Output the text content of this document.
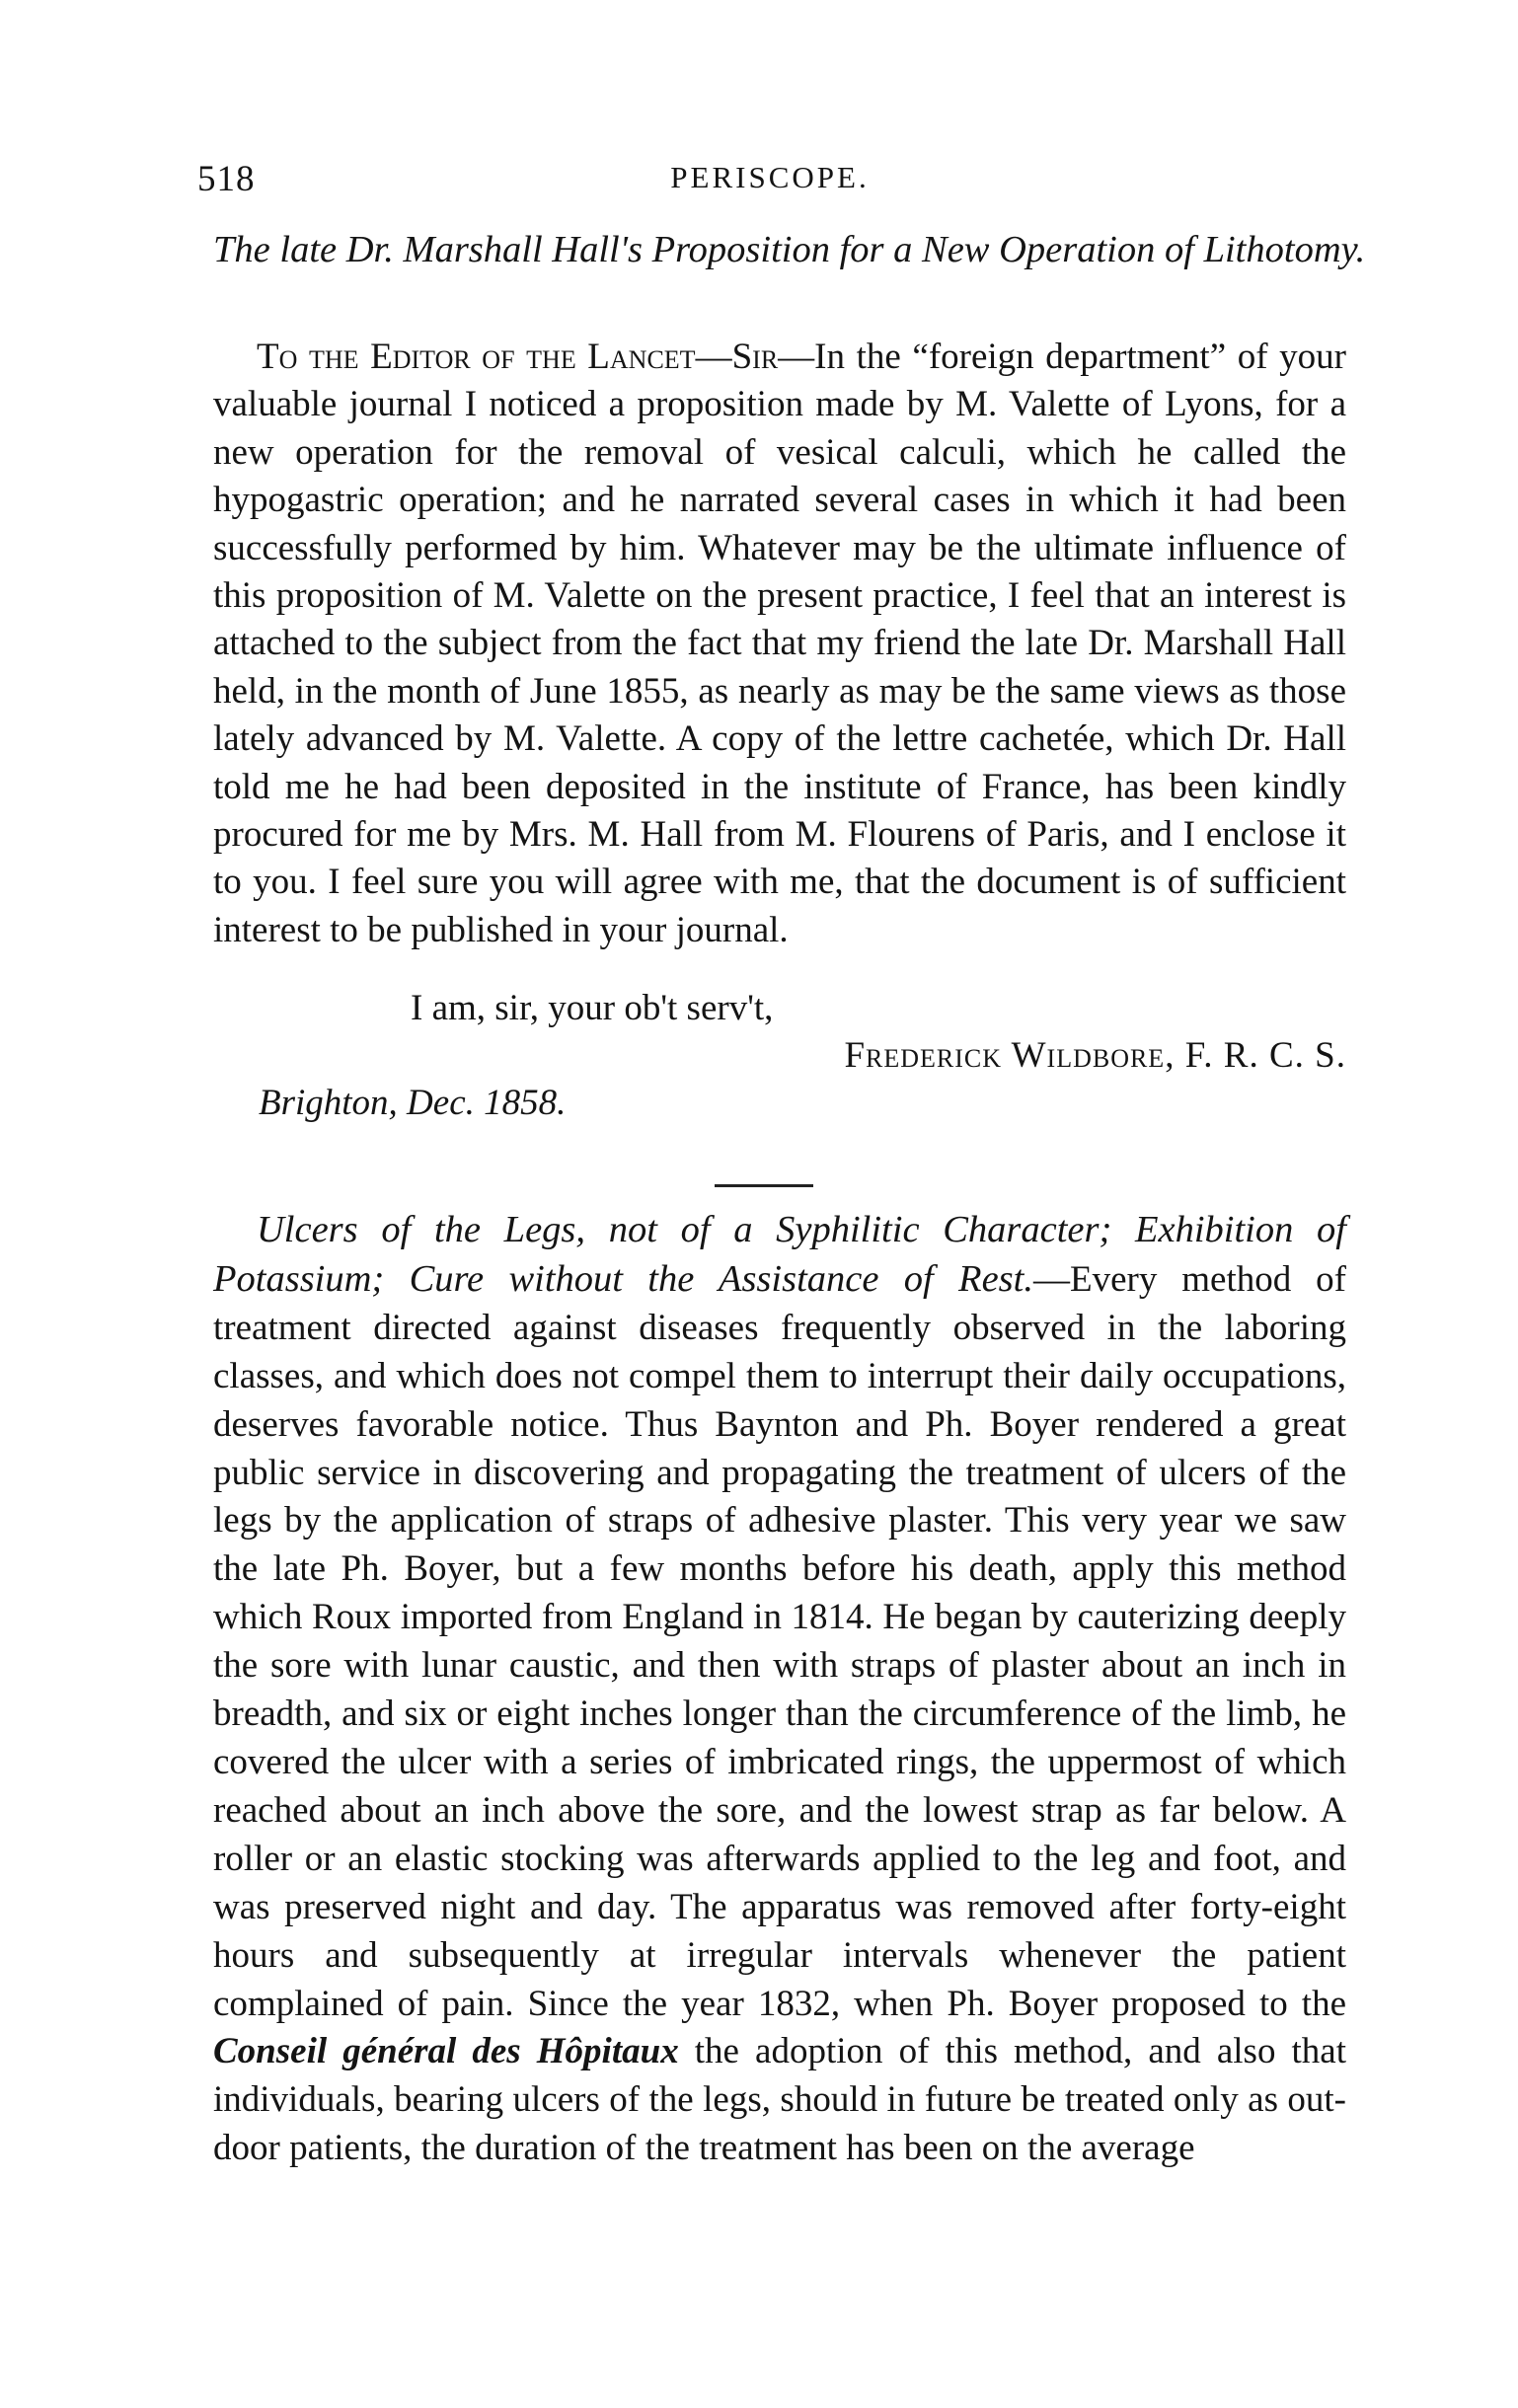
518	PERISCOPE.
The late Dr. Marshall Hall's Proposition for a New Operation of Lithotomy.

To the Editor of the Lancet—Sir—In the “foreign department” of your valuable journal I noticed a proposition made by M. Valette of Lyons, for a new operation for the removal of vesical calculi, which he called the hypogastric operation; and he narrated several cases in which it had been successfully performed by him. Whatever may be the ultimate influence of this proposition of M. Valette on the present practice, I feel that an interest is attached to the subject from the fact that my friend the late Dr. Marshall Hall held, in the month of June 1855, as nearly as may be the same views as those lately advanced by M. Valette. A copy of the lettre cachetée, which Dr. Hall told me he had been deposited in the institute of France, has been kindly procured for me by Mrs. M. Hall from M. Flourens of Paris, and I enclose it to you. I feel sure you will agree with me, that the document is of sufficient interest to be published in your journal.

I am, sir, your ob't serv't,
Frederick Wildbore, F. R. C. S.
Brighton, Dec. 1858.

Ulcers of the Legs, not of a Syphilitic Character; Exhibition of Potassium; Cure without the Assistance of Rest.—Every method of treatment directed against diseases frequently observed in the laboring classes, and which does not compel them to interrupt their daily occupations, deserves favorable notice. Thus Baynton and Ph. Boyer rendered a great public service in discovering and propagating the treatment of ulcers of the legs by the application of straps of adhesive plaster. This very year we saw the late Ph. Boyer, but a few months before his death, apply this method which Roux imported from England in 1814. He began by cauterizing deeply the sore with lunar caustic, and then with straps of plaster about an inch in breadth, and six or eight inches longer than the circumference of the limb, he covered the ulcer with a series of imbricated rings, the uppermost of which reached about an inch above the sore, and the lowest strap as far below. A roller or an elastic stocking was afterwards applied to the leg and foot, and was preserved night and day. The apparatus was removed after forty-eight hours and subsequently at irregular intervals whenever the patient complained of pain. Since the year 1832, when Ph. Boyer proposed to the Conseil général des Hôpitaux the adoption of this method, and also that individuals, bearing ulcers of the legs, should in future be treated only as out-door patients, the duration of the treatment has been on the average
